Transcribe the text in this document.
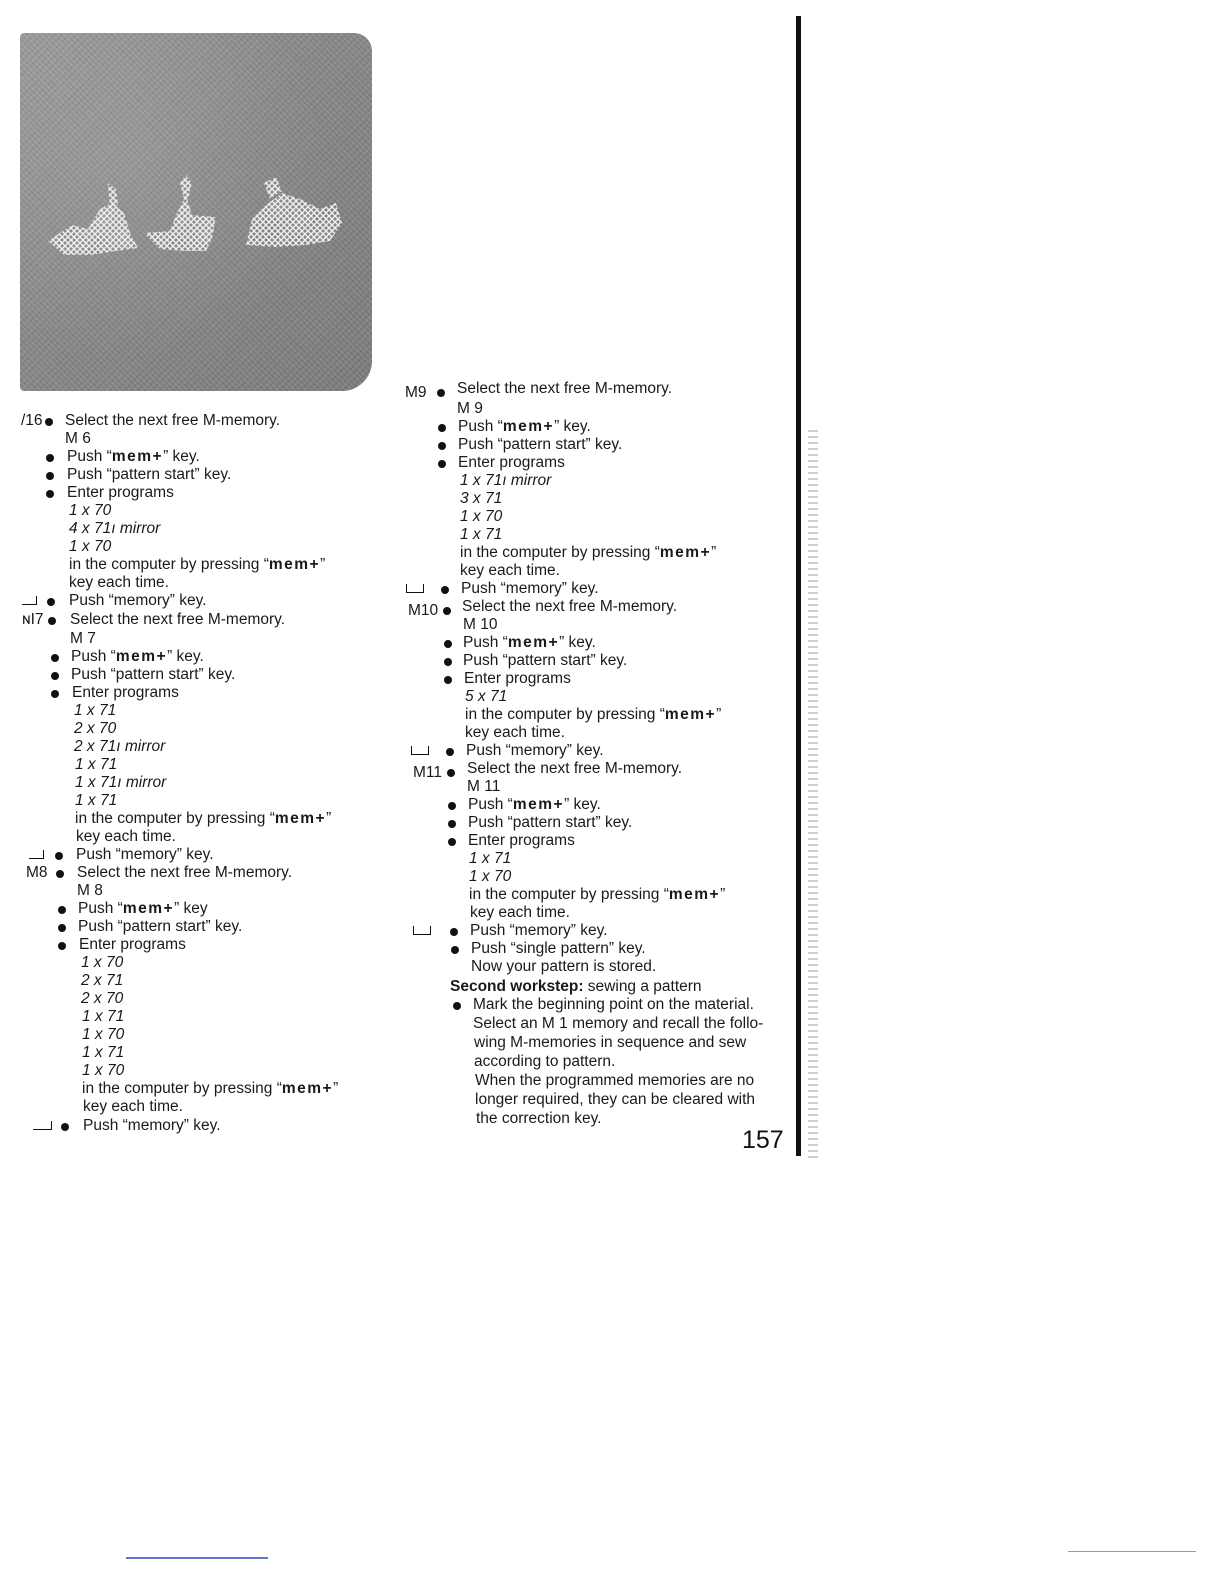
/16 Select the next free M-memory.
M 6
Push “mem+” key.
Push “pattern start” key.
Enter programs
1 x 70
4 x 71ı mirror
1 x 70
in the computer by pressing “mem+”
key each time.
Push “memory” key.
ɴI7 Select the next free M-memory.
M 7
Push “mem+” key.
Push “pattern start” key.
Enter programs
1 x 71
2 x 70
2 x 71ı mirror
1 x 71
1 x 71ı mirror
1 x 71
in the computer by pressing “mem+”
key each time.
Push “memory” key.
M8 Select the next free M-memory.
M 8
Push “mem+” key
Push “pattern start” key.
Enter programs
1 x 70
2 x 71
2 x 70
1 x 71
1 x 70
1 x 71
1 x 70
in the computer by pressing “mem+”
key each time.
Push “memory” key.
M9 Select the next free M-memory.
M 9
Push “mem+” key.
Push “pattern start” key.
Enter programs
1 x 71ı mirror
3 x 71
1 x 70
1 x 71
in the computer by pressing “mem+”
key each time.
Push “memory” key.
M10 Select the next free M-memory.
M 10
Push “mem+” key.
Push “pattern start” key.
Enter programs
5 x 71
in the computer by pressing “mem+”
key each time.
Push “memory” key.
M11 Select the next free M-memory.
M 11
Push “mem+” key.
Push “pattern start” key.
Enter programs
1 x 71
1 x 70
in the computer by pressing “mem+”
key each time.
Push “memory” key.
Push “single pattern” key.
Now your pattern is stored.
Second workstep: sewing a pattern
Mark the beginning point on the material.
Select an M 1 memory and recall the follo-
wing M-memories in sequence and sew
according to pattern.
When the programmed memories are no
longer required, they can be cleared with
the correction key.
157
